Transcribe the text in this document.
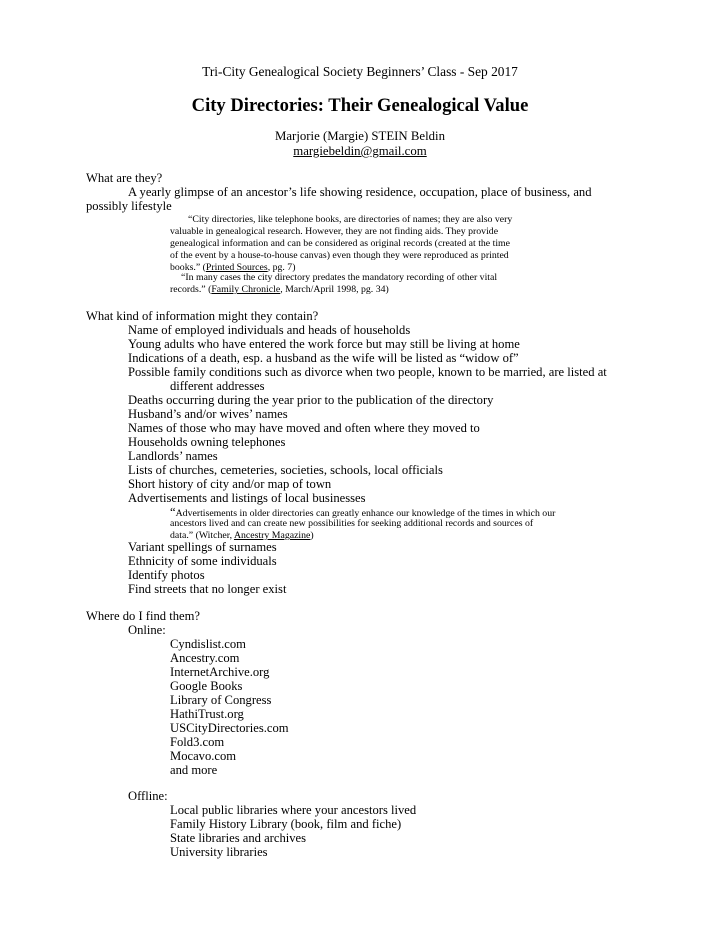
Tri-City Genealogical Society Beginners’ Class - Sep 2017
City Directories: Their Genealogical Value
Marjorie (Margie) STEIN Beldin
margiebeldin@gmail.com
What are they?
A yearly glimpse of an ancestor’s life showing residence, occupation, place of business, and
possibly lifestyle
“City directories, like telephone books, are directories of names; they are also very
valuable in genealogical research. However, they are not finding aids. They provide
genealogical information and can be considered as original records (created at the time
of the event by a house-to-house canvas) even though they were reproduced as printed
books.” (Printed Sources, pg. 7)
“In many cases the city directory predates the mandatory recording of other vital
records.” (Family Chronicle, March/April 1998, pg. 34)
What kind of information might they contain?
Name of employed individuals and heads of households
Young adults who have entered the work force but may still be living at home
Indications of a death, esp. a husband as the wife will be listed as “widow of”
Possible family conditions such as divorce when two people, known to be married, are listed at
different addresses
Deaths occurring during the year prior to the publication of the directory
Husband’s and/or wives’ names
Names of those who may have moved and often where they moved to
Households owning telephones
Landlords’ names
Lists of churches, cemeteries, societies, schools, local officials
Short history of city and/or map of town
Advertisements and listings of local businesses
“Advertisements in older directories can greatly enhance our knowledge of the times in which our
ancestors lived and can create new possibilities for seeking additional records and sources of
data.” (Witcher, Ancestry Magazine)
Variant spellings of surnames
Ethnicity of some individuals
Identify photos
Find streets that no longer exist
Where do I find them?
Online:
Cyndislist.com
Ancestry.com
InternetArchive.org
Google Books
Library of Congress
HathiTrust.org
USCityDirectories.com
Fold3.com
Mocavo.com
and more
Offline:
Local public libraries where your ancestors lived
Family History Library (book, film and fiche)
State libraries and archives
University libraries
